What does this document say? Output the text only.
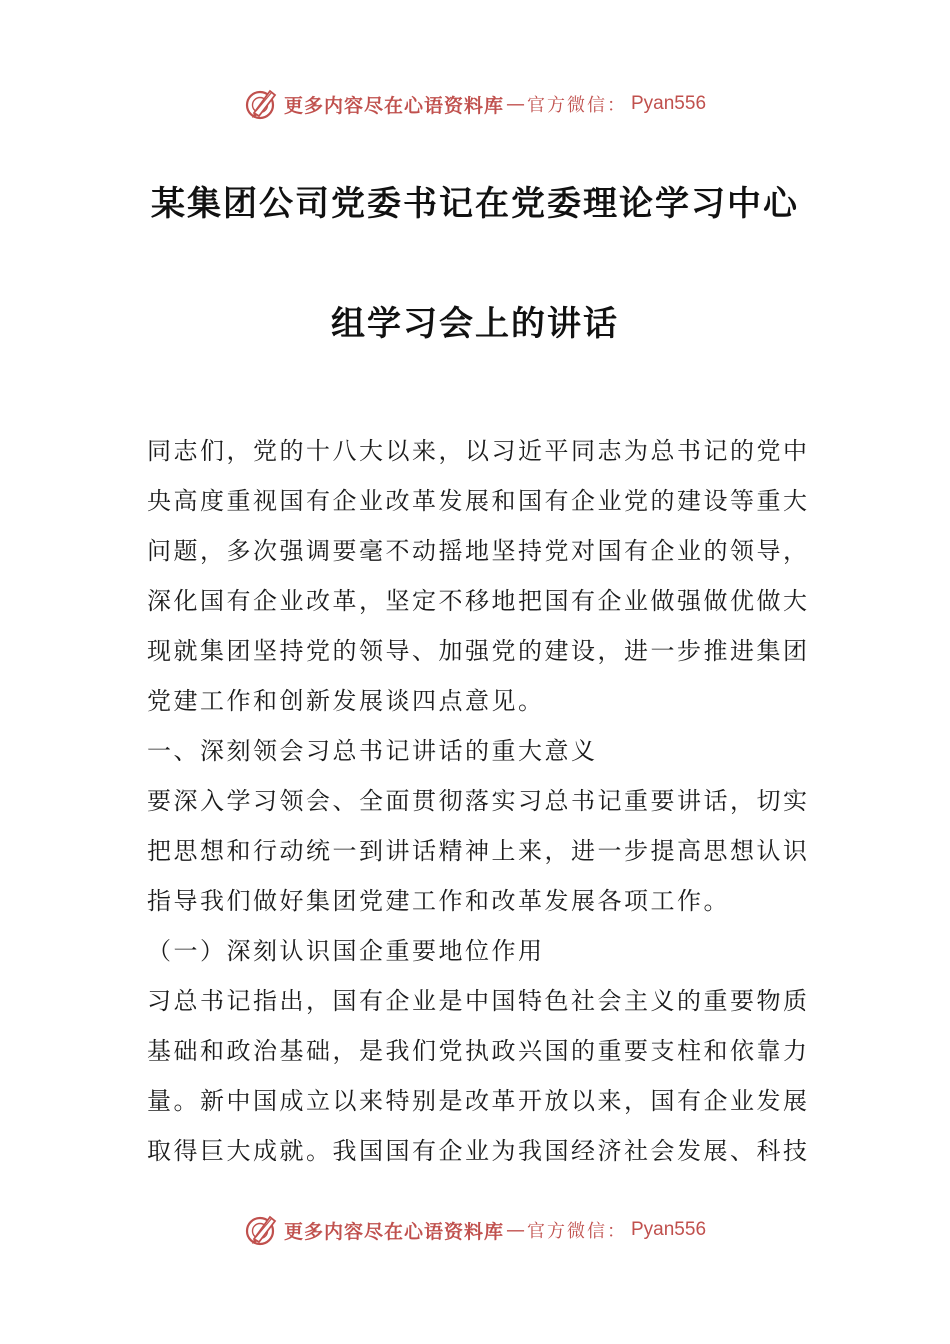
更多内容尽在心语资料库 — 官方微信： Pyan556
某集团公司党委书记在党委理论学习中心
组学习会上的讲话
同志们，党的十八大以来，以习近平同志为总书记的党中
央高度重视国有企业改革发展和国有企业党的建设等重大
问题，多次强调要毫不动摇地坚持党对国有企业的领导，
深化国有企业改革，坚定不移地把国有企业做强做优做大
现就集团坚持党的领导、加强党的建设，进一步推进集团
党建工作和创新发展谈四点意见。
一、深刻领会习总书记讲话的重大意义
要深入学习领会、全面贯彻落实习总书记重要讲话，切实
把思想和行动统一到讲话精神上来，进一步提高思想认识
指导我们做好集团党建工作和改革发展各项工作。
（一）深刻认识国企重要地位作用
习总书记指出，国有企业是中国特色社会主义的重要物质
基础和政治基础，是我们党执政兴国的重要支柱和依靠力
量。新中国成立以来特别是改革开放以来，国有企业发展
取得巨大成就。我国国有企业为我国经济社会发展、科技
更多内容尽在心语资料库 — 官方微信： Pyan556
